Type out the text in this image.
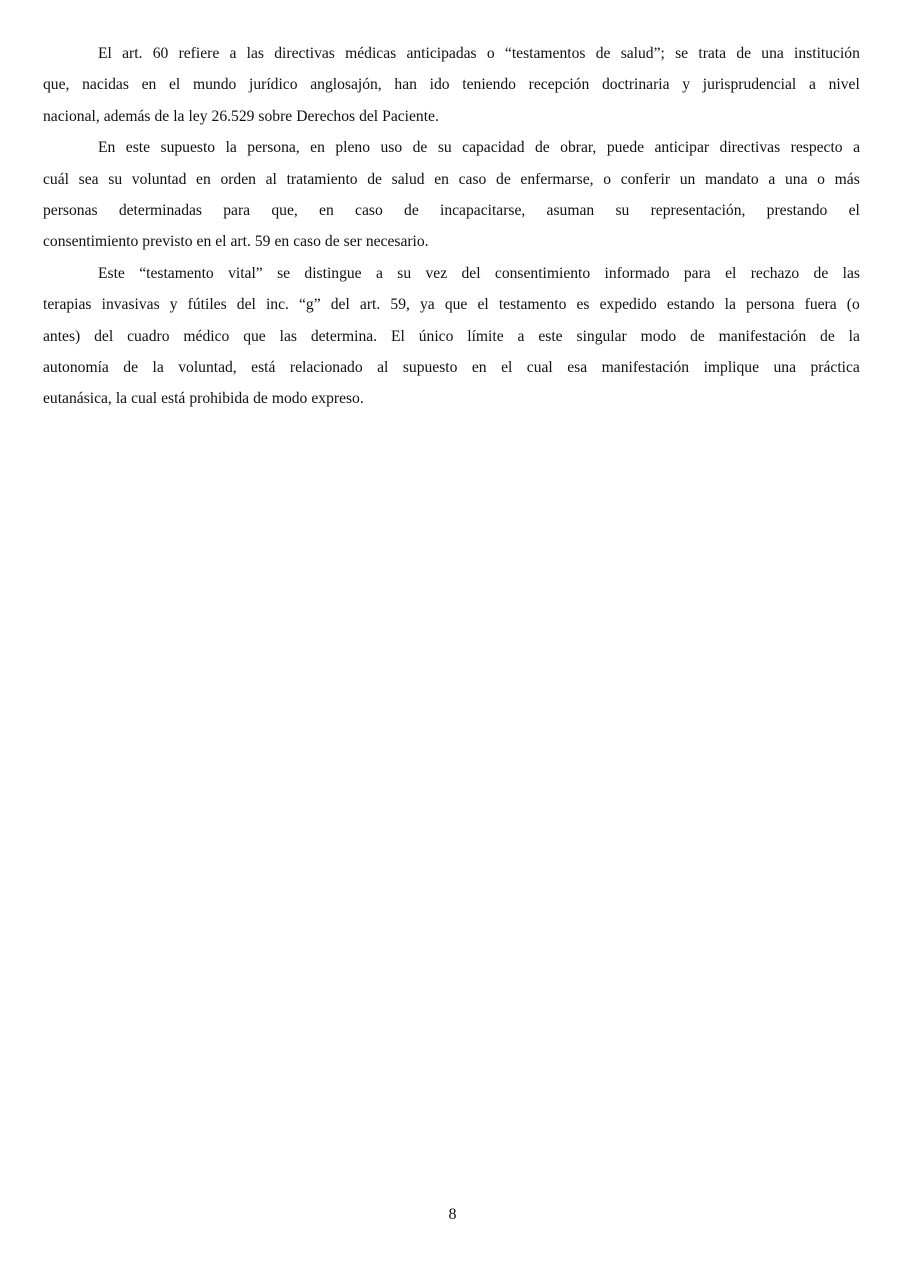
El art. 60 refiere a las directivas médicas anticipadas o “testamentos de salud”; se trata de una institución
que, nacidas en el mundo jurídico anglosajón, han ido teniendo recepción doctrinaria y jurisprudencial a nivel
nacional, además de la ley 26.529 sobre Derechos del Paciente.
En este supuesto la persona, en pleno uso de su capacidad de obrar, puede anticipar directivas respecto a
cuál sea su voluntad en orden al tratamiento de salud en caso de enfermarse, o conferir un mandato a una o más
personas determinadas para que, en caso de incapacitarse, asuman su representación, prestando el
consentimiento previsto en el art. 59 en caso de ser necesario.
Este “testamento vital” se distingue a su vez del consentimiento informado para el rechazo de las
terapias invasivas y fútiles del inc. “g” del art. 59, ya que el testamento es expedido estando la persona fuera (o
antes) del cuadro médico que las determina. El único límite a este singular modo de manifestación de la
autonomía de la voluntad, está relacionado al supuesto en el cual esa manifestación implique una práctica
eutanásica, la cual está prohibida de modo expreso.
8
